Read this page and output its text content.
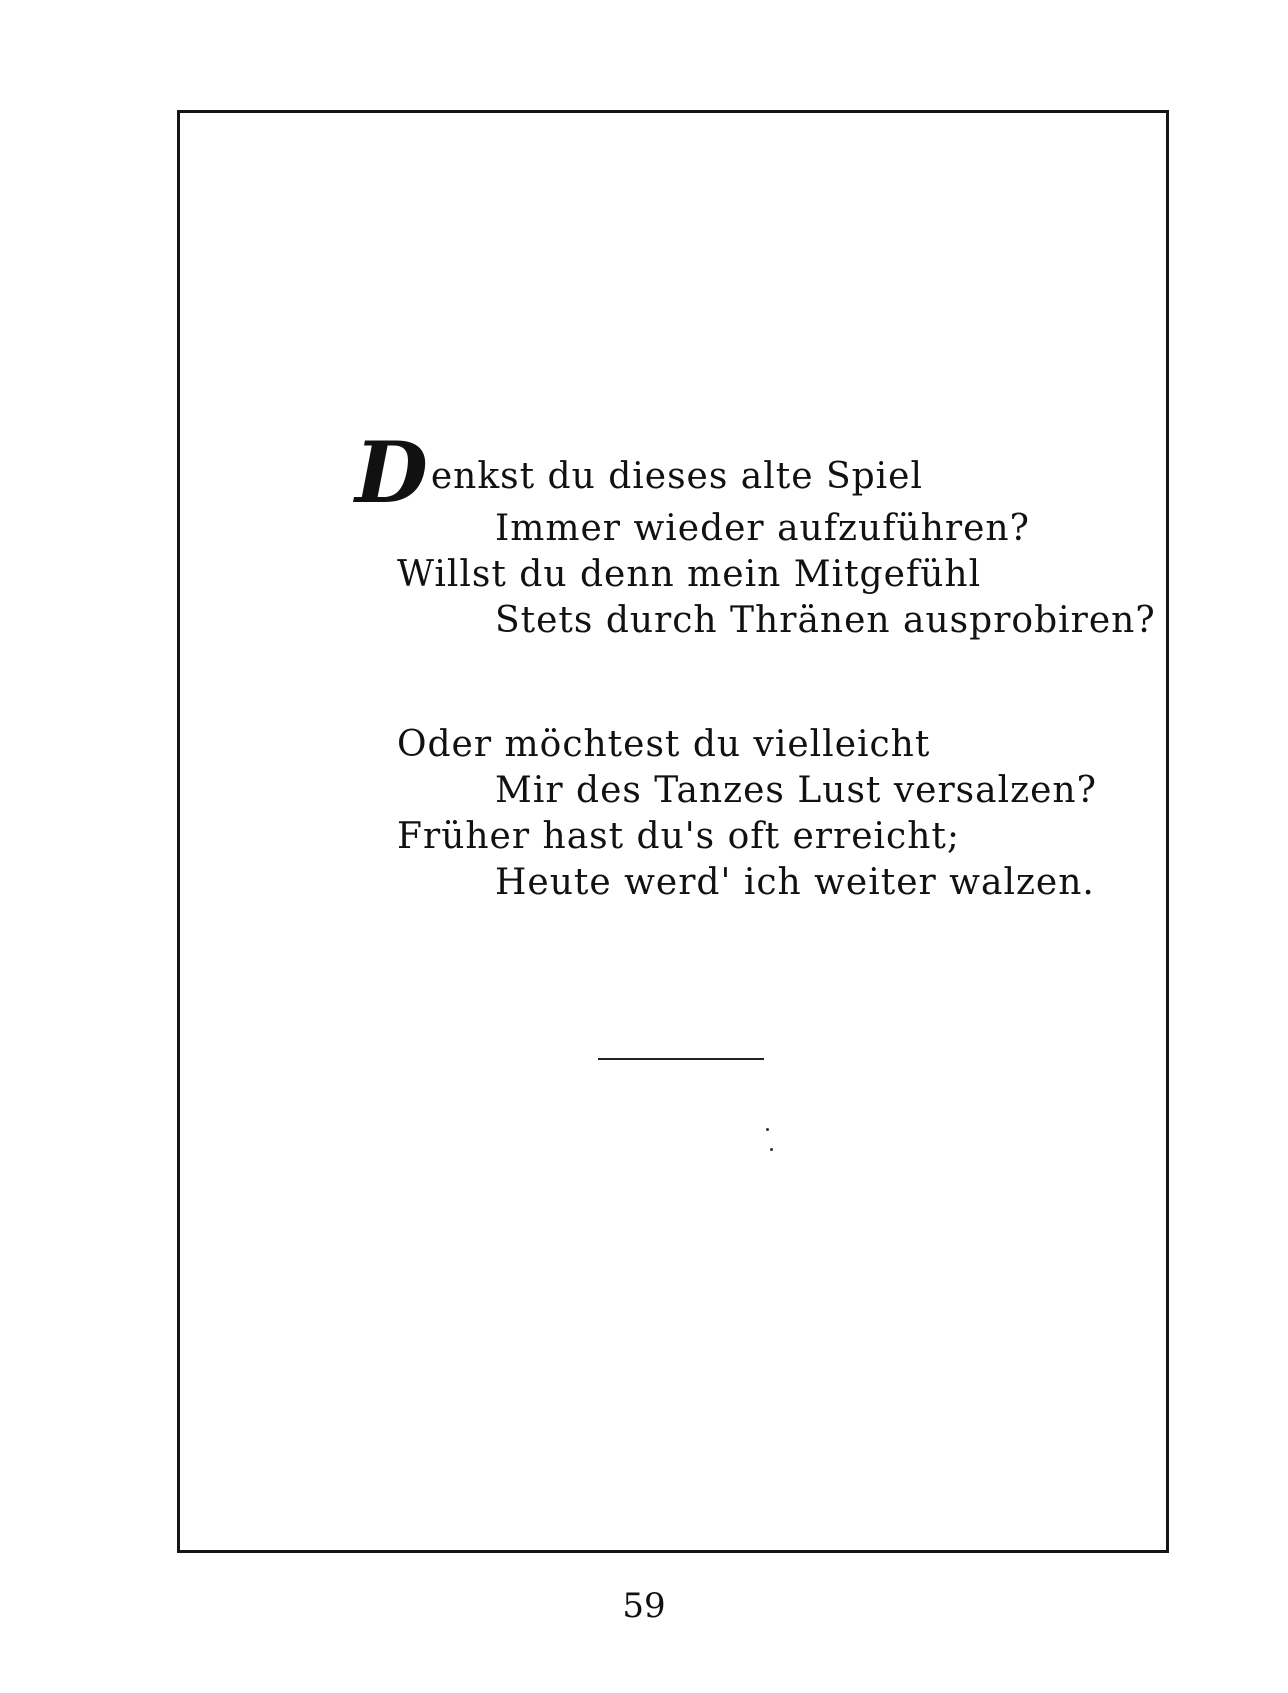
Denkst du dieses alte Spiel
Immer wieder aufzuführen?
Willst du denn mein Mitgefühl
Stets durch Thränen ausprobiren?
Oder möchtest du vielleicht
Mir des Tanzes Lust versalzen?
Früher hast du's oft erreicht;
Heute werd' ich weiter walzen.
59
